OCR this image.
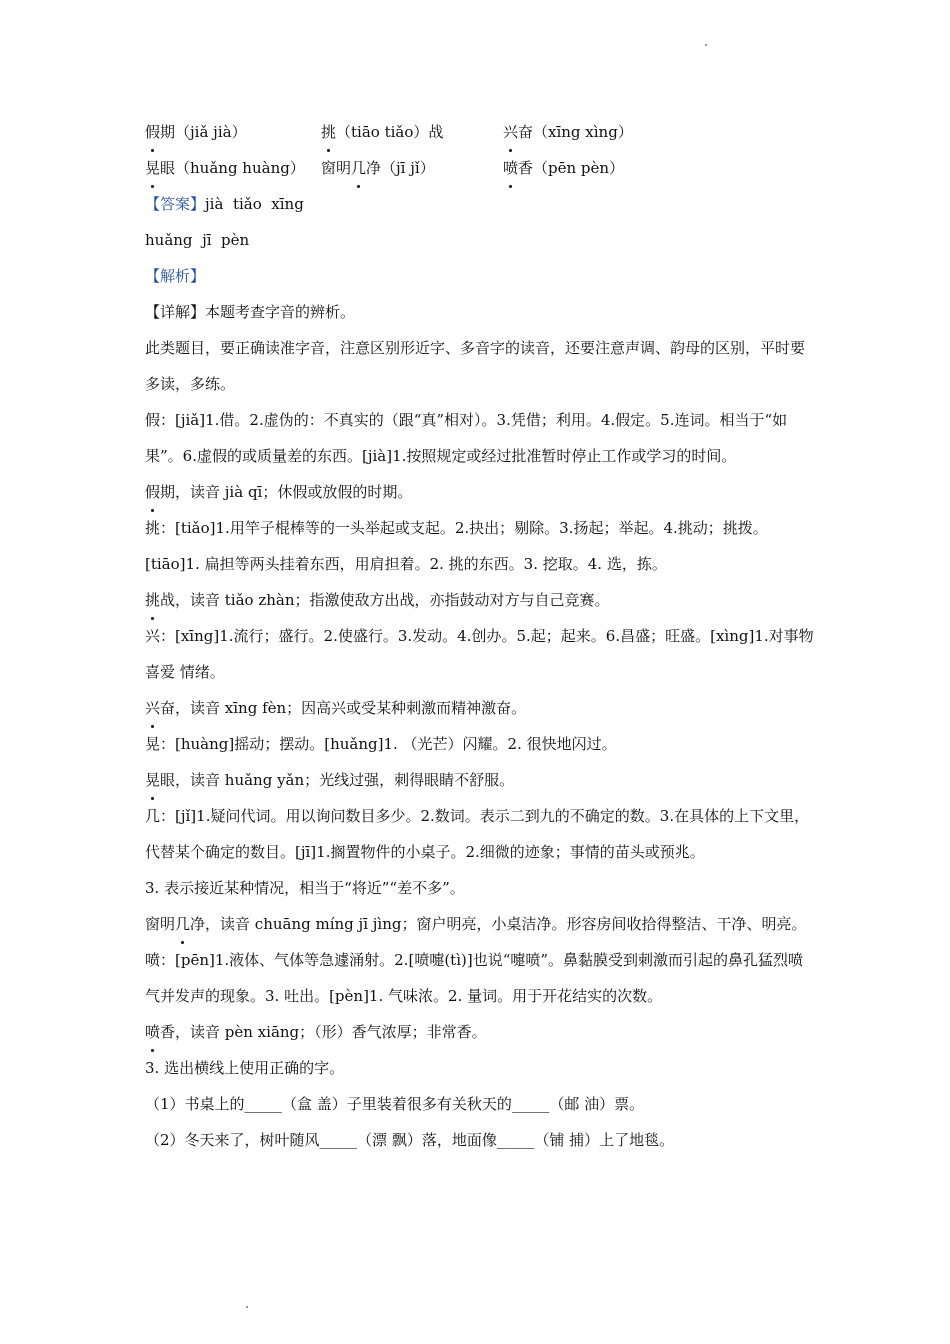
假期（jiǎ jià）	挑（tiāo tiǎo）战	兴奋（xīng xìng）
晃眼（huǎng huàng） 窗明几净（jī jǐ）	喷香（pēn pèn）
【答案】jià  tiǎo  xīng
huǎng  jī  pèn
【解析】
【详解】本题考查字音的辨析。
此类题目，要正确读准字音，注意区别形近字、多音字的读音，还要注意声调、韵母的区别，平时要多读，多练。
假：[jiǎ]1.借。2.虚伪的：不真实的（跟“真”相对）。3.凭借；利用。4.假定。5.连词。相当于“如果”。6.虚假的或质量差的东西。[jià]1.按照规定或经过批准暂时停止工作或学习的时间。
假期，读音 jià qī；休假或放假的时期。
挑：[tiǎo]1.用竿子棍棒等的一头举起或支起。2.抉出；剔除。3.扬起；举起。4.挑动；挑拨。
[tiāo]1. 扁担等两头挂着东西，用肩担着。2. 挑的东西。3. 挖取。4. 选，拣。
挑战，读音 tiǎo zhàn；指激使敌方出战，亦指鼓动对方与自己竞赛。
兴：[xīng]1.流行；盛行。2.使盛行。3.发动。4.创办。5.起；起来。6.昌盛；旺盛。[xìng]1.对事物喜爱 情绪。
兴奋，读音 xīng fèn；因高兴或受某种刺激而精神激奋。
晃：[huàng]摇动；摆动。[huǎng]1. （光芒）闪耀。2. 很快地闪过。
晃眼，读音 huǎng yǎn；光线过强，刺得眼睛不舒服。
几：[jǐ]1.疑问代词。用以询问数目多少。2.数词。表示二到九的不确定的数。3.在具体的上下文里，代替某个确定的数目。[jī]1.搁置物件的小桌子。2.细微的迹象；事情的苗头或预兆。
3. 表示接近某种情况，相当于“将近”“差不多”。
窗明几净，读音 chuāng míng jī jìng；窗户明亮，小桌洁净。形容房间收拾得整洁、干净、明亮。
喷：[pēn]1.液体、气体等急遽涌射。2.[喷嚏(tì)]也说“嚏喷”。鼻黏膜受到刺激而引起的鼻孔猛烈喷气并发声的现象。3. 吐出。[pèn]1. 气味浓。2. 量词。用于开花结实的次数。
喷香，读音 pèn xiāng；（形）香气浓厚；非常香。
3. 选出横线上使用正确的字。
（1）书桌上的_____（盒 盖）子里装着很多有关秋天的_____（邮 油）票。
（2）冬天来了，树叶随风_____（漂 飘）落，地面像_____（铺 捕）上了地毯。
